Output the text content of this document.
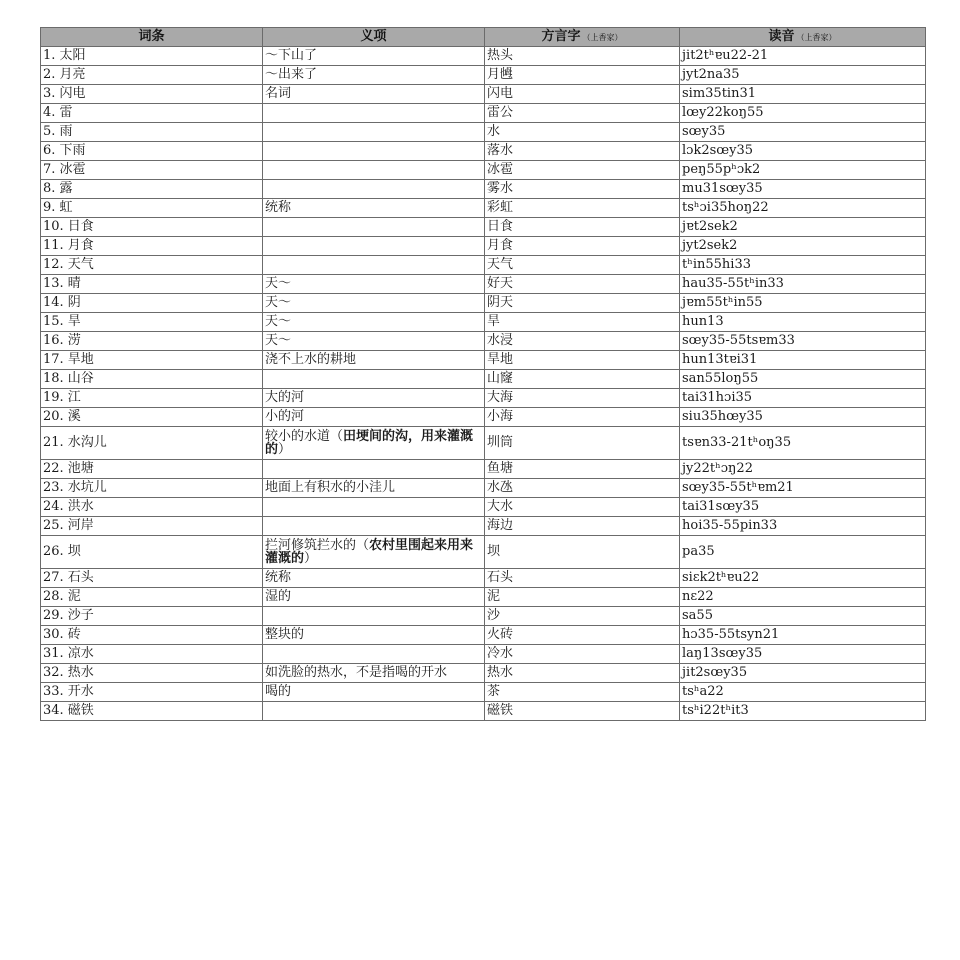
词条	义项	方言字 （上香家）	读音 （上香家）
1. 太阳	～下山了	热头	jit2tʰɐu22-21
2. 月亮	～出来了	月乸	jyt2na35
3. 闪电	名词	闪电	sim35tin31
4. 雷		雷公	lœy22koŋ55
5. 雨		水	sœy35
6. 下雨		落水	lɔk2sœy35
7. 冰雹		冰雹	peŋ55pʰɔk2
8. 露		雾水	mu31sœy35
9. 虹	统称	彩虹	tsʰɔi35hoŋ22
10. 日食		日食	jɐt2sek2
11. 月食		月食	jyt2sek2
12. 天气		天气	tʰin55hi33
13. 晴	天～	好天	hau35-55tʰin33
14. 阴	天～	阴天	jɐm55tʰin55
15. 旱	天～	旱	hun13
16. 涝	天～	水浸	sœy35-55tsɐm33
17. 旱地	浇不上水的耕地	旱地	hun13tɐi31
18. 山谷		山窿	san55loŋ55
19. 江	大的河	大海	tai31hɔi35
20. 溪	小的河	小海	siu35hœy35
21. 水沟儿	较小的水道（田埂间的沟，用来灌溉的）	圳筒	tsɐn33-21tʰoŋ35
22. 池塘		鱼塘	jy22tʰɔŋ22
23. 水坑儿	地面上有积水的小洼儿	水氹	sœy35-55tʰɐm21
24. 洪水		大水	tai31sœy35
25. 河岸		海边	hoi35-55pin33
26. 坝	拦河修筑拦水的（农村里围起来用来灌溉的）	坝	pa35
27. 石头	统称	石头	siɛk2tʰɐu22
28. 泥	湿的	泥	nɛ22
29. 沙子		沙	sa55
30. 砖	整块的	火砖	hɔ35-55tsyn21
31. 凉水		冷水	laŋ13sœy35
32. 热水	如洗脸的热水，不是指喝的开水	热水	jit2sœy35
33. 开水	喝的	茶	tsʰa22
34. 磁铁		磁铁	tsʰi22tʰit3
